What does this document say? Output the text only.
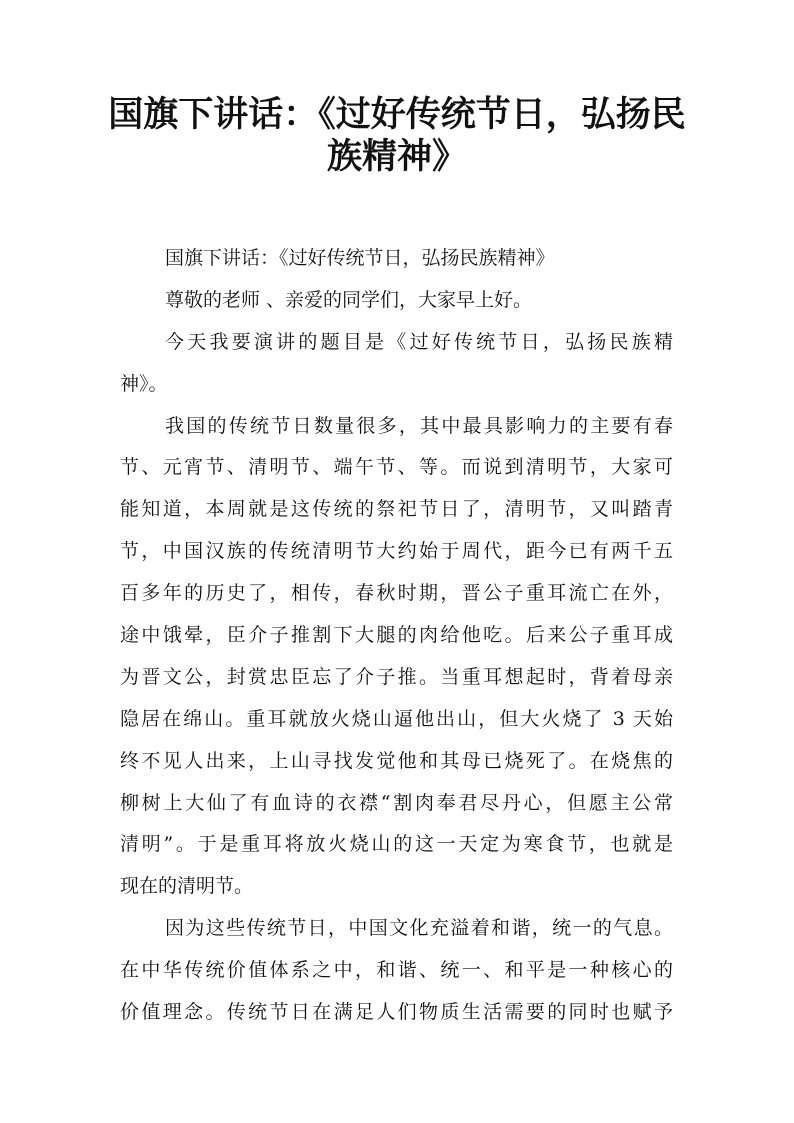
国旗下讲话：《过好传统节日，弘扬民
族精神》
国旗下讲话：《过好传统节日，弘扬民族精神》
尊敬的老师 、亲爱的同学们，大家早上好。
今天我要演讲的题目是《过好传统节日，弘扬民族精
神》。
我国的传统节日数量很多，其中最具影响力的主要有春
节、元宵节、清明节、端午节、等。而说到清明节，大家可
能知道，本周就是这传统的祭祀节日了，清明节，又叫踏青
节，中国汉族的传统清明节大约始于周代，距今已有两千五
百多年的历史了，相传，春秋时期，晋公子重耳流亡在外，
途中饿晕，臣介子推割下大腿的肉给他吃。后来公子重耳成
为晋文公，封赏忠臣忘了介子推。当重耳想起时，背着母亲
隐居在绵山。重耳就放火烧山逼他出山，但大火烧了 3 天始
终不见人出来，上山寻找发觉他和其母已烧死了。在烧焦的
柳树上大仙了有血诗的衣襟“割肉奉君尽丹心，但愿主公常
清明”。于是重耳将放火烧山的这一天定为寒食节，也就是
现在的清明节。
因为这些传统节日，中国文化充溢着和谐，统一的气息。
在中华传统价值体系之中，和谐、统一、和平是一种核心的
价值理念。传统节日在满足人们物质生活需要的同时也赋予
